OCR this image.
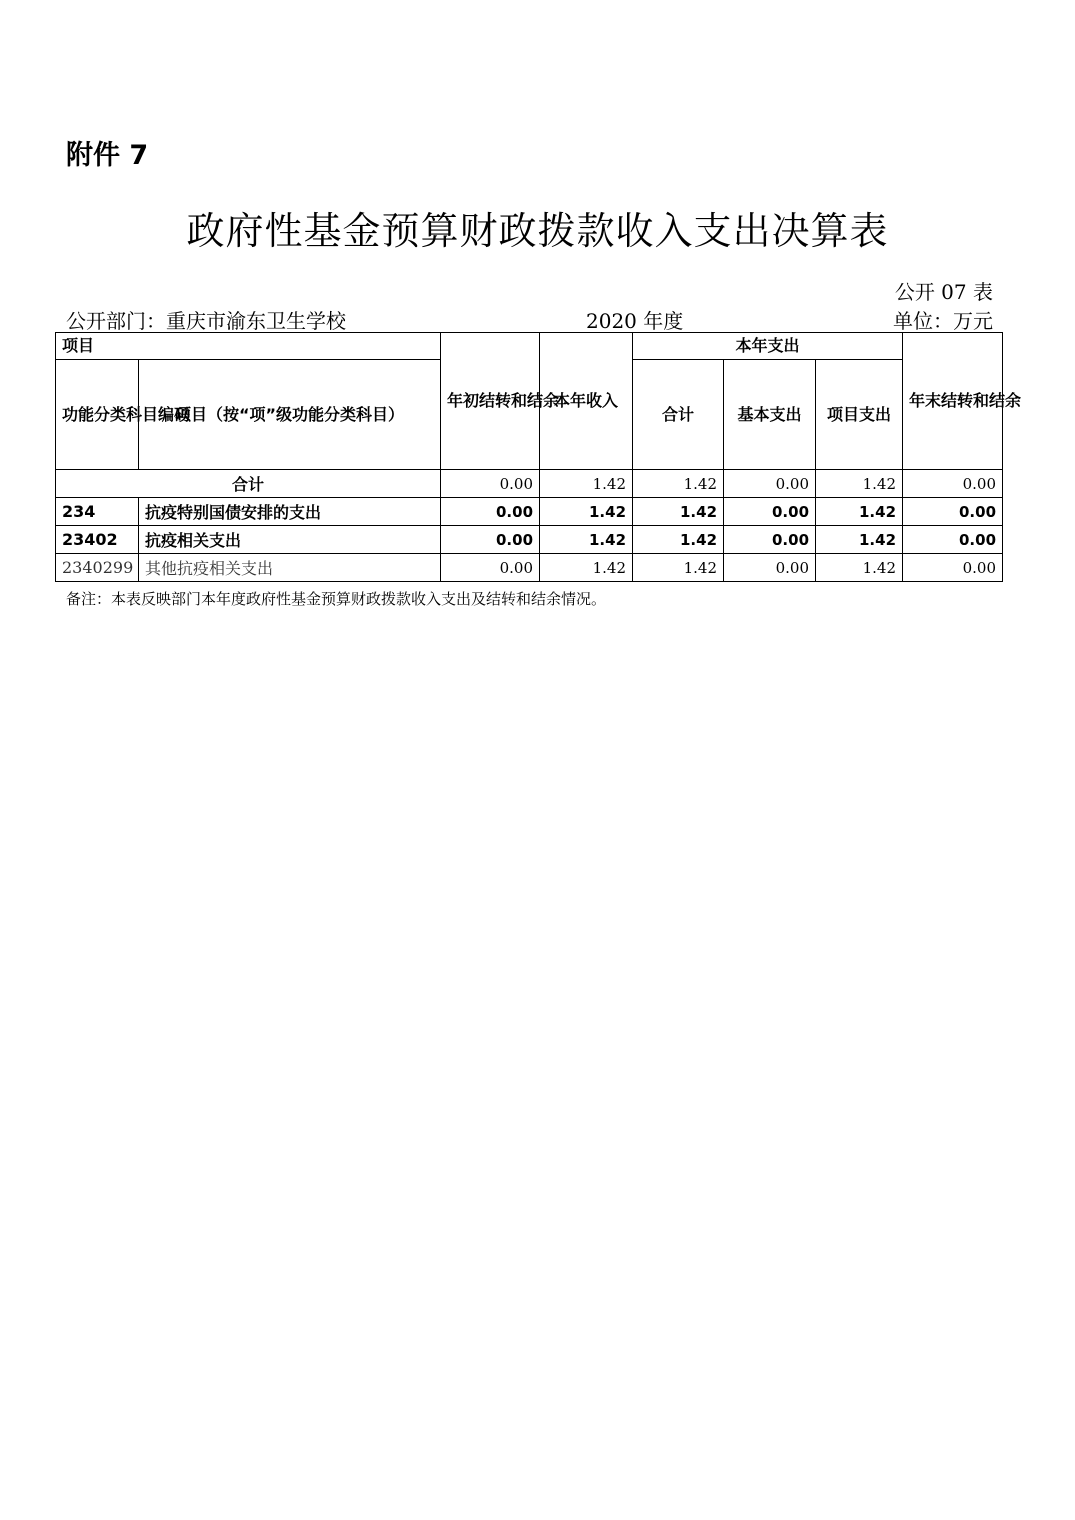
附件 7
政府性基金预算财政拨款收入支出决算表
公开 07 表
公开部门：重庆市渝东卫生学校	2020 年度	单位：万元
项目		年初结转和结余	本年收入	本年支出			年末结转和结余
功能分类科目编码	项目（按“项”级功能分类科目）			合计	基本支出	项目支出	
合计		0.00	1.42	1.42	0.00	1.42	0.00
234	抗疫特别国债安排的支出	0.00	1.42	1.42	0.00	1.42	0.00
23402	抗疫相关支出	0.00	1.42	1.42	0.00	1.42	0.00
2340299	其他抗疫相关支出	0.00	1.42	1.42	0.00	1.42	0.00
备注：本表反映部门本年度政府性基金预算财政拨款收入支出及结转和结余情况。
